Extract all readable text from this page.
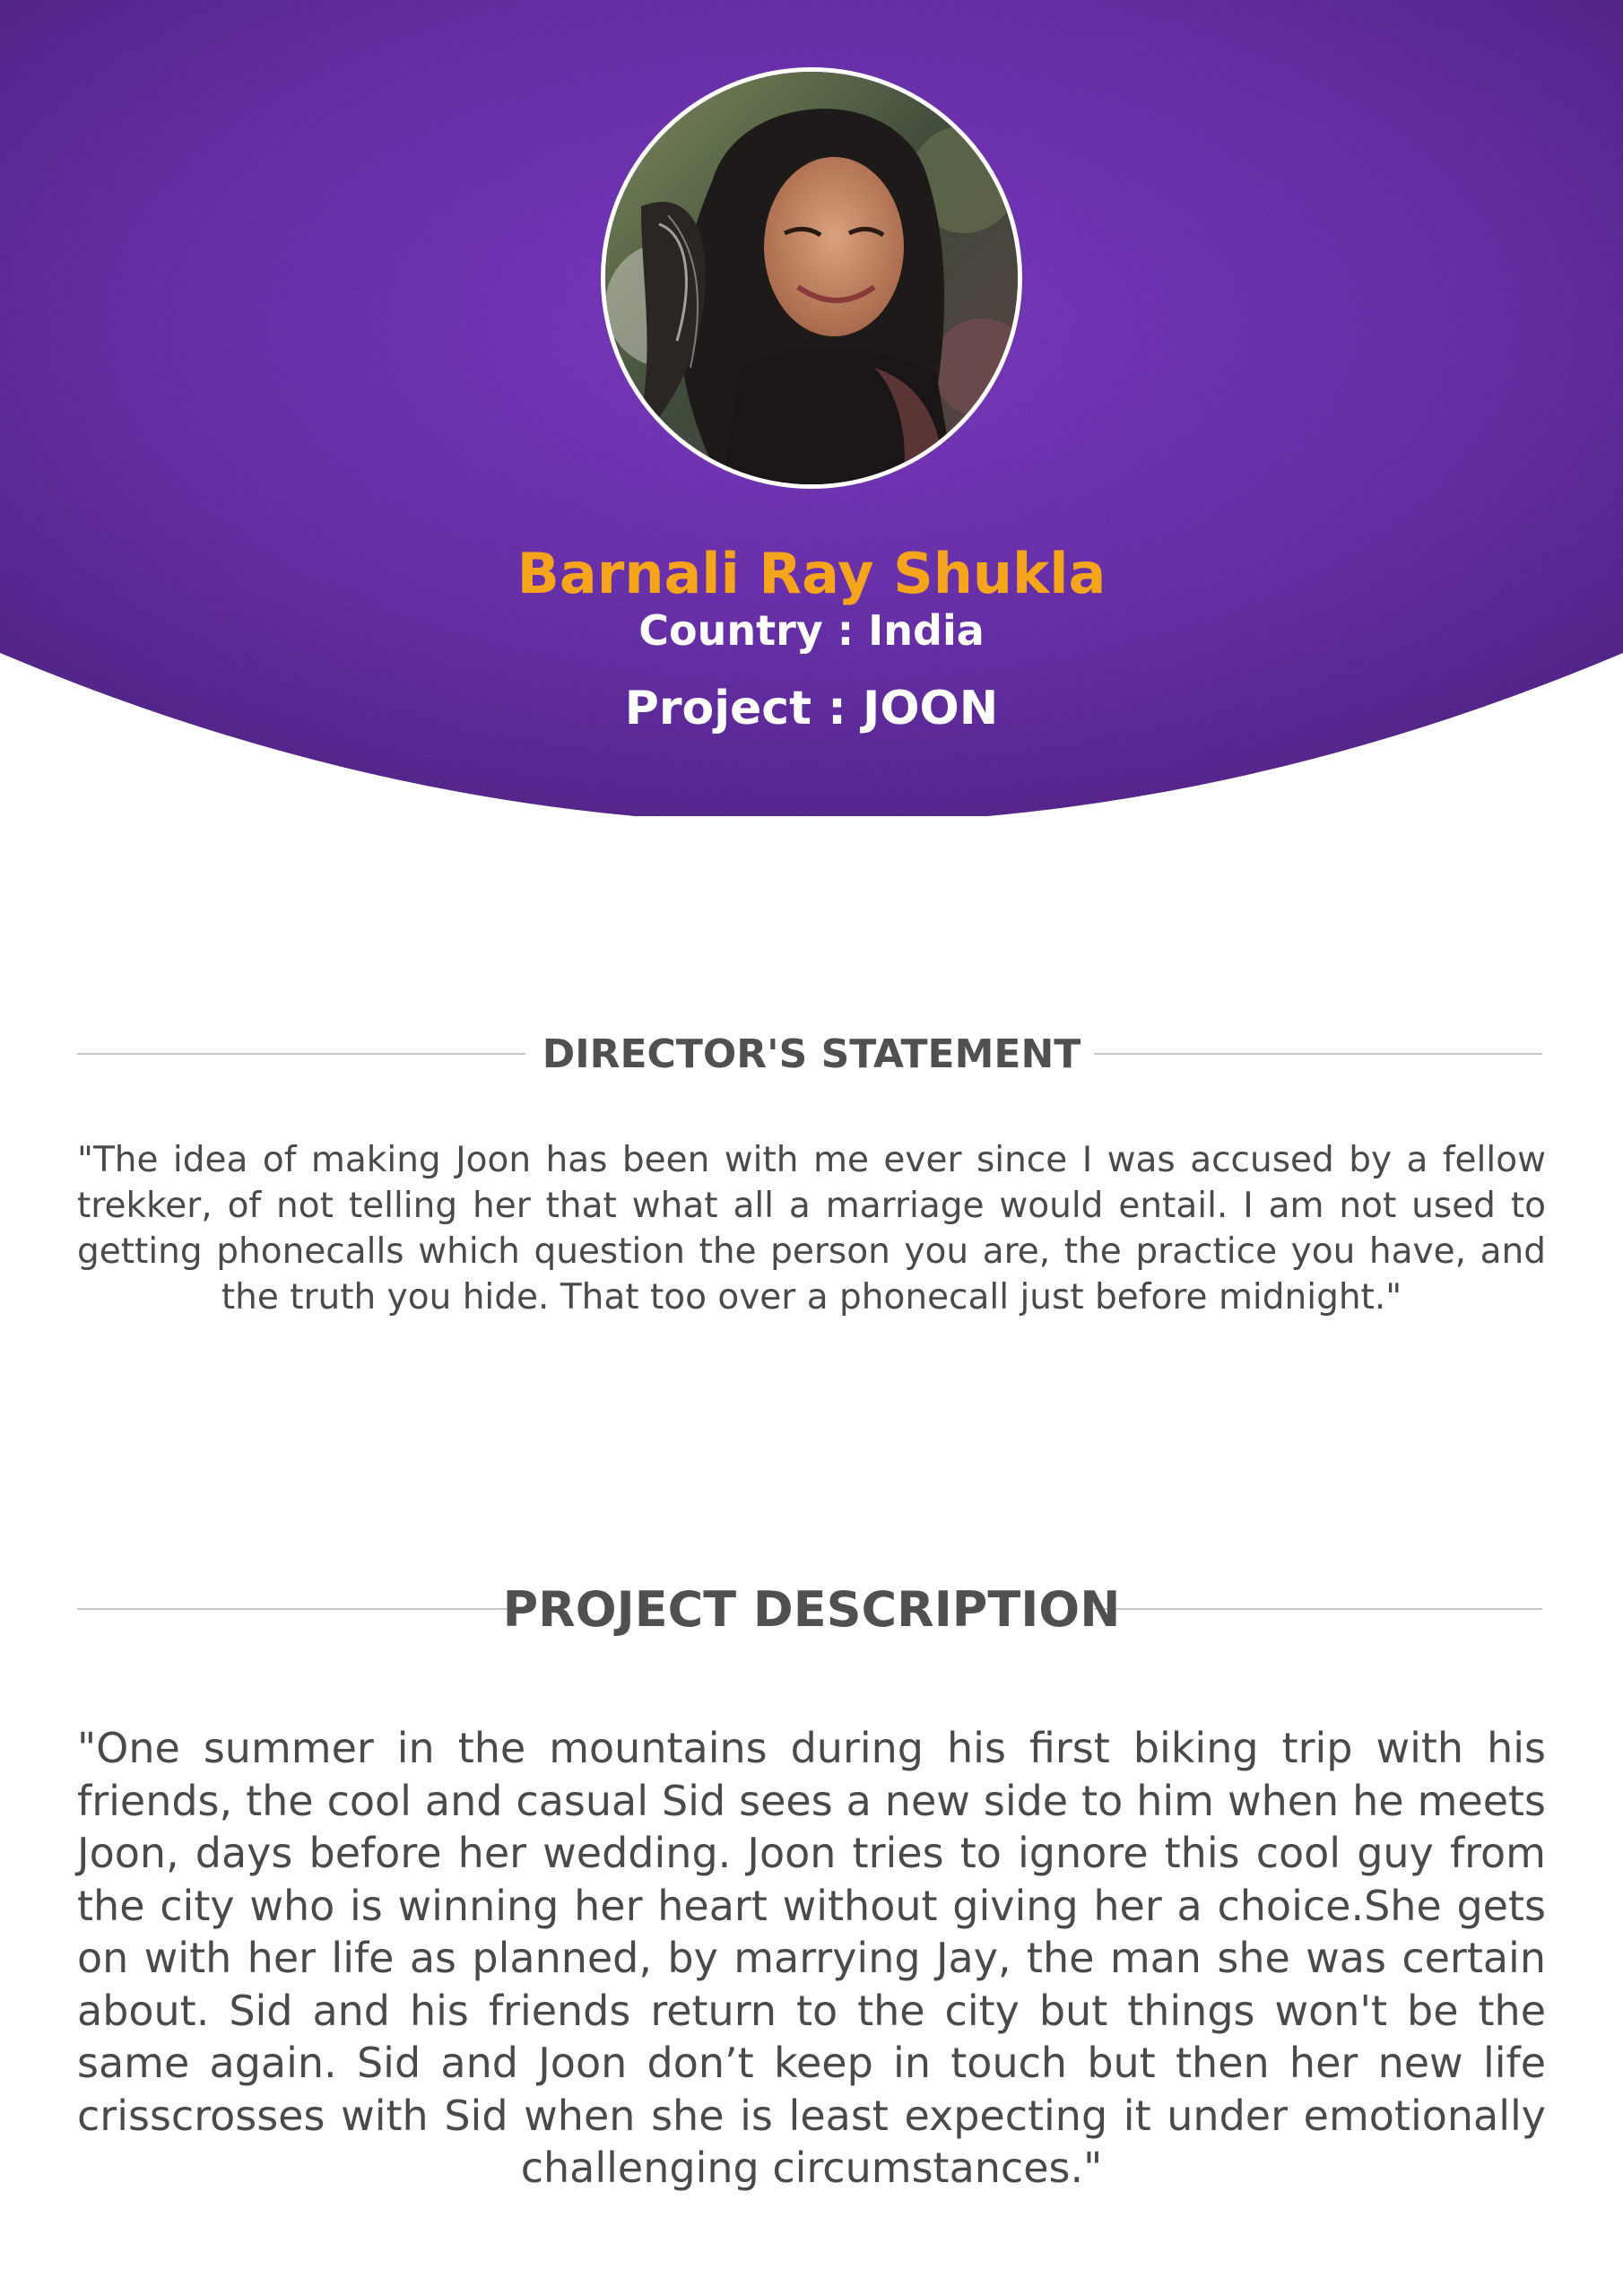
Barnali Ray Shukla
Country : India
Project : JOON
DIRECTOR'S STATEMENT
"The idea of making Joon has been with me ever since I was accused by a fellow trekker, of not telling her that what all a marriage would entail. I am not used to getting phonecalls which question the person you are, the practice you have, and the truth you hide. That too over a phonecall just before midnight."
PROJECT DESCRIPTION
"One summer in the mountains during his first biking trip with his friends, the cool and casual Sid sees a new side to him when he meets Joon, days before her wedding. Joon tries to ignore this cool guy from the city who is winning her heart without giving her a choice.She gets on with her life as planned, by marrying Jay, the man she was certain about. Sid and his friends return to the city but things won't be the same again. Sid and Joon don’t keep in touch but then her new life crisscrosses with Sid when she is least expecting it under emotionally challenging circumstances."
